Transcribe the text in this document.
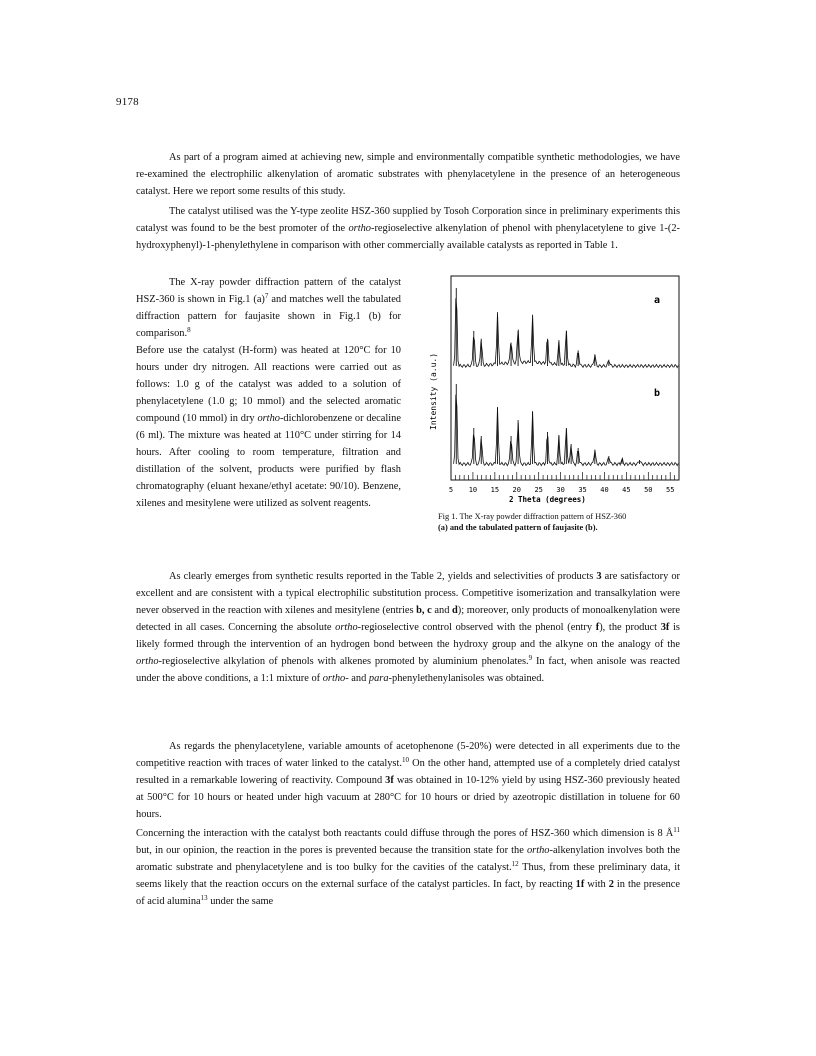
9178

As part of a program aimed at achieving new, simple and environmentally compatible synthetic methodologies, we have re-examined the electrophilic alkenylation of aromatic substrates with phenylacetylene in the presence of an heterogeneous catalyst. Here we report some results of this study.

The catalyst utilised was the Y-type zeolite HSZ-360 supplied by Tosoh Corporation since in preliminary experiments this catalyst was found to be the best promoter of the ortho-regioselective alkenylation of phenol with phenylacetylene to give 1-(2-hydroxyphenyl)-1-phenylethylene in comparison with other commercially available catalysts as reported in Table 1.

The X-ray powder diffraction pattern of the catalyst HSZ-360 is shown in Fig.1 $(a)^7$ and matches well the tabulated diffraction pattern for faujasite shown in Fig.1 (b) for comparison.$^8$

Before use the catalyst (H-form) was heated at 120°C for 10 hours under dry nitrogen. All reactions were carried out as follows: 1.0 g of the catalyst was added to a solution of phenylacetylene (1.0 g; 10 mmol) and the selected aromatic compound (10 mmol) in dry ortho-dichlorobenzene or decaline (6 ml). The mixture was heated at 110°C under stirring for 14 hours. After cooling to room temperature, filtration and distillation of the solvent, products were purified by flash chromatography (eluant hexane/ethyl acetate: 90/10). Benzene, xilenes and mesitylene were utilized as solvent reagents.

a
b
Intensity (a.u.)
2 Theta (degrees)
5 10 15 20 25 30 35 40 45 50 55
Fig 1. The X-ray powder diffraction pattern of HSZ-360
(a) and the tabulated pattern of faujasite (b).

As clearly emerges from synthetic results reported in the Table 2, yields and selectivities of products 3 are satisfactory or excellent and are consistent with a typical electrophilic substitution process. Competitive isomerization and transalkylation were never observed in the reaction with xilenes and mesitylene (entries b, c and d); moreover, only products of monoalkenylation were detected in all cases. Concerning the absolute ortho-regioselective control observed with the phenol (entry f), the product 3f is likely formed through the intervention of an hydrogen bond between the hydroxy group and the alkyne on the analogy of the ortho-regioselective alkylation of phenols with alkenes promoted by aluminium phenolates.$^9$ In fact, when anisole was reacted under the above conditions, a 1:1 mixture of ortho- and para-phenylethenylanisoles was obtained.

As regards the phenylacetylene, variable amounts of acetophenone (5-20%) were detected in all experiments due to the competitive reaction with traces of water linked to the catalyst.$^{10}$ On the other hand, attempted use of a completely dried catalyst resulted in a remarkable lowering of reactivity. Compound 3f was obtained in 10-12% yield by using HSZ-360 previously heated at 500°C for 10 hours or heated under high vacuum at 280°C for 10 hours or dried by azeotropic distillation in toluene for 60 hours.

Concerning the interaction with the catalyst both reactants could diffuse through the pores of HSZ-360 which dimension is 8 $Å^{11}$ but, in our opinion, the reaction in the pores is prevented because the transition state for the ortho-alkenylation involves both the aromatic substrate and phenylacetylene and is too bulky for the cavities of the catalyst.$^{12}$ Thus, from these preliminary data, it seems likely that the reaction occurs on the external surface of the catalyst particles. In fact, by reacting 1f with 2 in the presence of acid alumina$^{13}$ under the same
